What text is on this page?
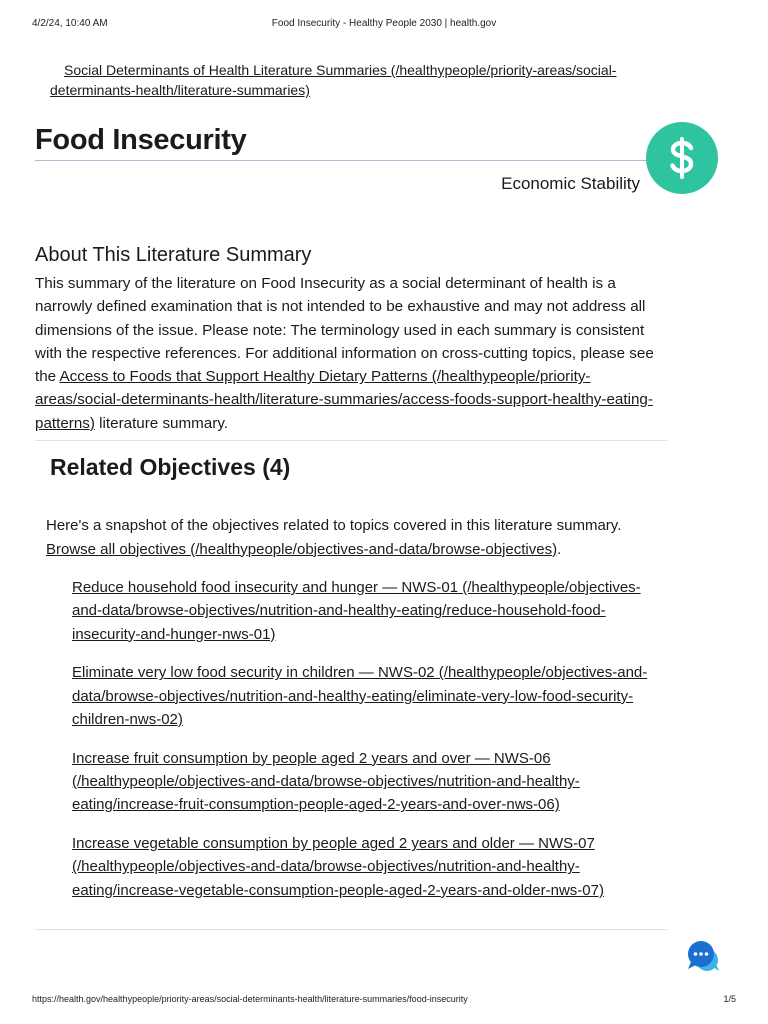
4/2/24, 10:40 AM	Food Insecurity - Healthy People 2030 | health.gov
Social Determinants of Health Literature Summaries (/healthypeople/priority-areas/social-determinants-health/literature-summaries)
Food Insecurity
Economic Stability
About This Literature Summary

This summary of the literature on Food Insecurity as a social determinant of health is a narrowly defined examination that is not intended to be exhaustive and may not address all dimensions of the issue. Please note: The terminology used in each summary is consistent with the respective references. For additional information on cross-cutting topics, please see the Access to Foods that Support Healthy Dietary Patterns (/healthypeople/priority-areas/social-determinants-health/literature-summaries/access-foods-support-healthy-eating-patterns) literature summary.

Related Objectives (4)

Here's a snapshot of the objectives related to topics covered in this literature summary.
Browse all objectives (/healthypeople/objectives-and-data/browse-objectives).

Reduce household food insecurity and hunger — NWS-01 (/healthypeople/objectives-and-data/browse-objectives/nutrition-and-healthy-eating/reduce-household-food-insecurity-and-hunger-nws-01)
Eliminate very low food security in children — NWS-02 (/healthypeople/objectives-and-data/browse-objectives/nutrition-and-healthy-eating/eliminate-very-low-food-security-children-nws-02)
Increase fruit consumption by people aged 2 years and over — NWS-06 (/healthypeople/objectives-and-data/browse-objectives/nutrition-and-healthy-eating/increase-fruit-consumption-people-aged-2-years-and-over-nws-06)
Increase vegetable consumption by people aged 2 years and older — NWS-07 (/healthypeople/objectives-and-data/browse-objectives/nutrition-and-healthy-eating/increase-vegetable-consumption-people-aged-2-years-and-older-nws-07)
https://health.gov/healthypeople/priority-areas/social-determinants-health/literature-summaries/food-insecurity	1/5
